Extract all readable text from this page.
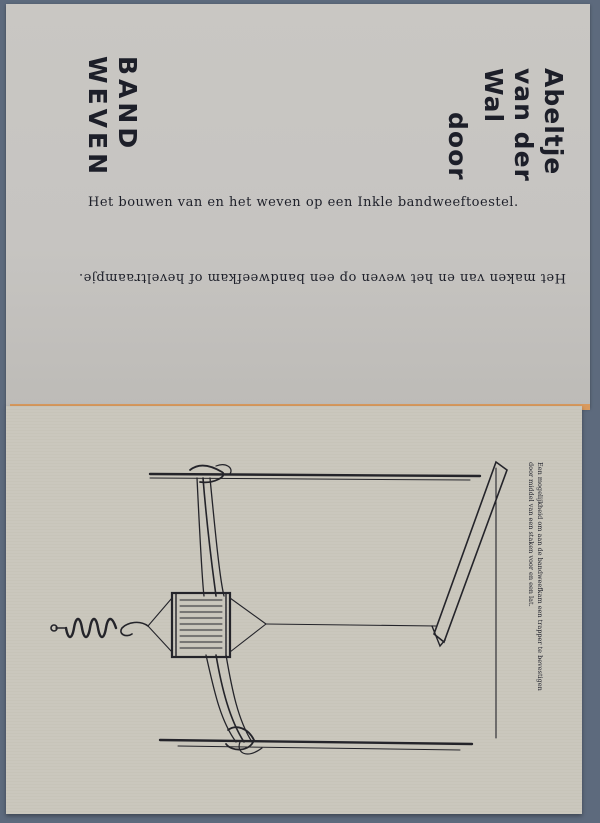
BAND
WEVEN	door	Abeltje
van der
Wal
Het bouwen van en het weven op een Inkle bandweeftoestel.
Het maken van en het weven op een bandweefkam of heveltraampje.
Een mogelijkheid om aan de bandweefkam een trapper te bevestigen
door middel van een staken voor en een lat.
